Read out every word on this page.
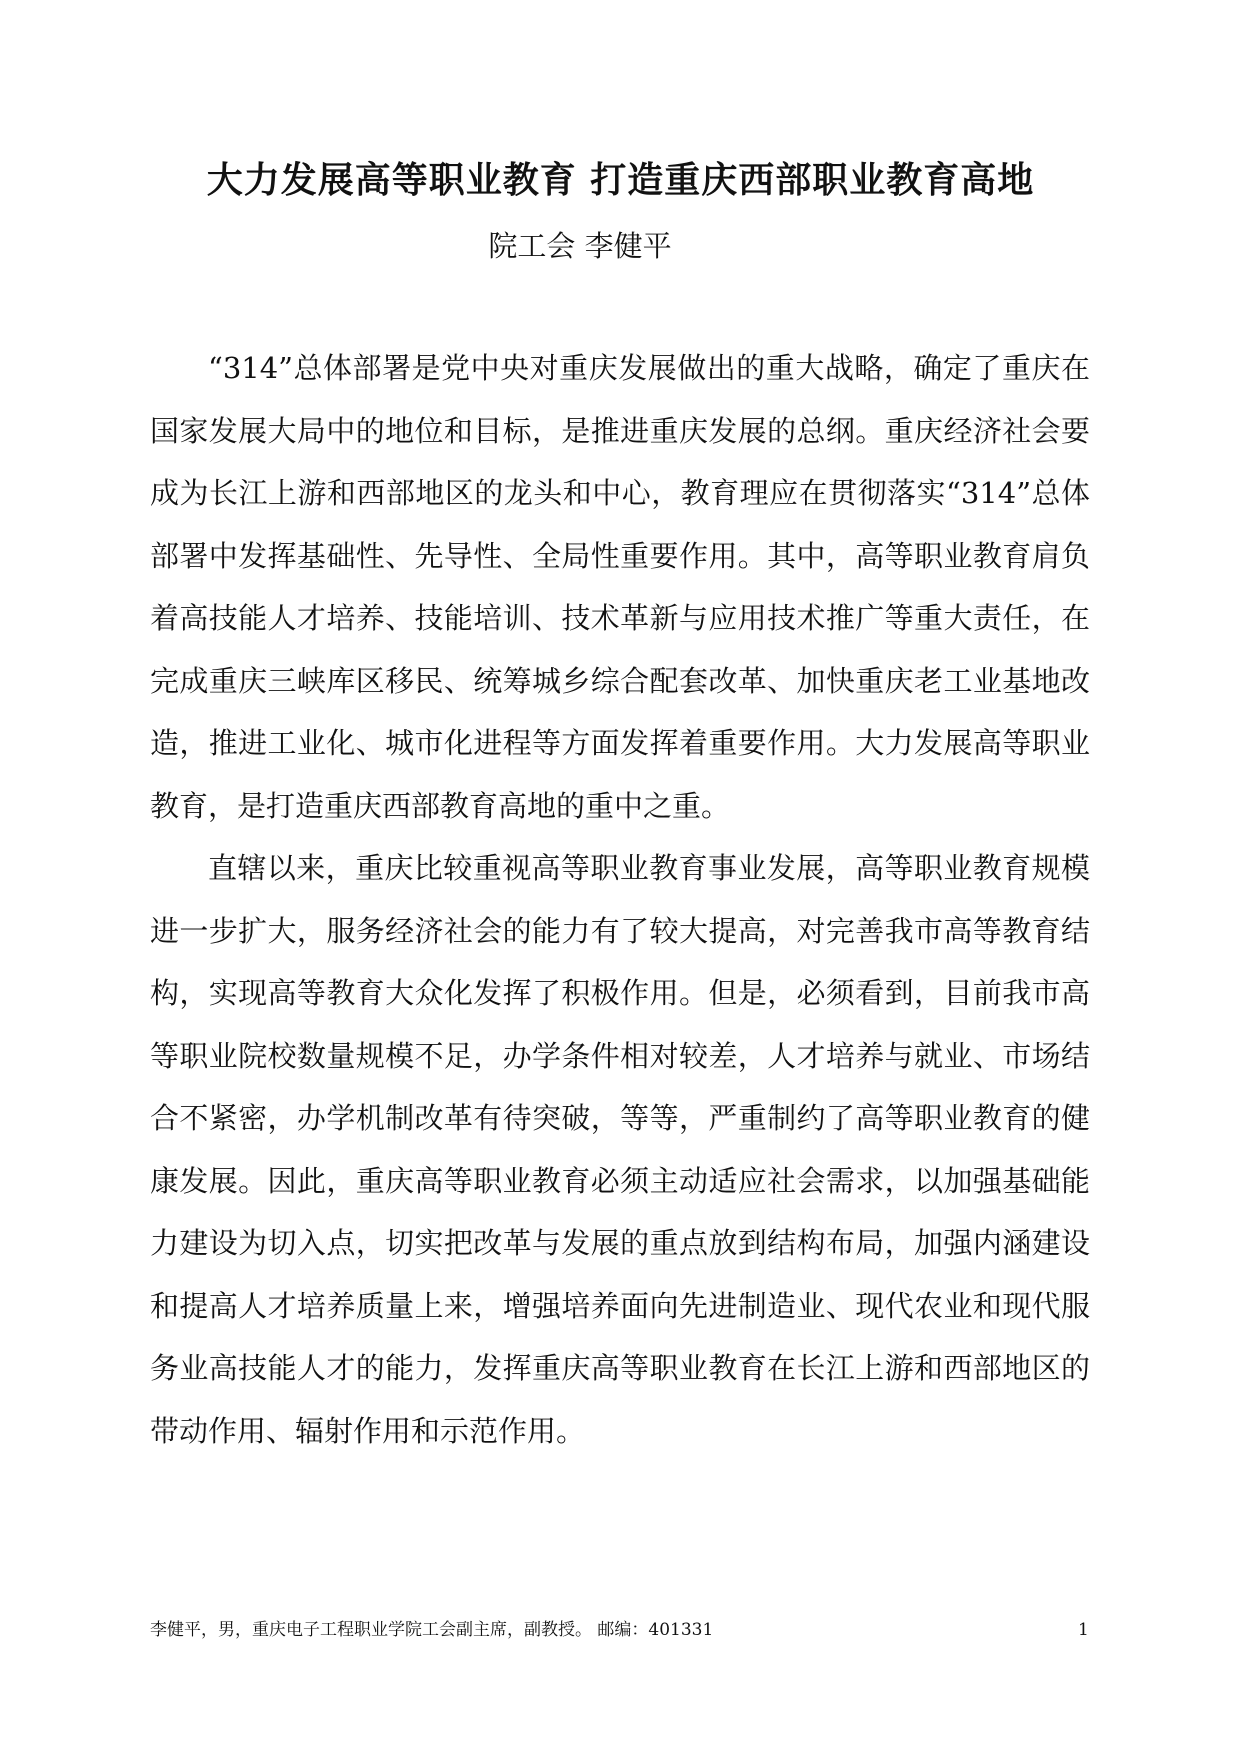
大力发展高等职业教育 打造重庆西部职业教育高地
院工会 李健平

“314”总体部署是党中央对重庆发展做出的重大战略，确定了重庆在国家发展大局中的地位和目标，是推进重庆发展的总纲。重庆经济社会要成为长江上游和西部地区的龙头和中心，教育理应在贯彻落实“314”总体部署中发挥基础性、先导性、全局性重要作用。其中，高等职业教育肩负着高技能人才培养、技能培训、技术革新与应用技术推广等重大责任，在完成重庆三峡库区移民、统筹城乡综合配套改革、加快重庆老工业基地改造，推进工业化、城市化进程等方面发挥着重要作用。大力发展高等职业教育，是打造重庆西部教育高地的重中之重。

直辖以来，重庆比较重视高等职业教育事业发展，高等职业教育规模进一步扩大，服务经济社会的能力有了较大提高，对完善我市高等教育结构，实现高等教育大众化发挥了积极作用。但是，必须看到，目前我市高等职业院校数量规模不足，办学条件相对较差，人才培养与就业、市场结合不紧密，办学机制改革有待突破，等等，严重制约了高等职业教育的健康发展。因此，重庆高等职业教育必须主动适应社会需求，以加强基础能力建设为切入点，切实把改革与发展的重点放到结构布局，加强内涵建设和提高人才培养质量上来，增强培养面向先进制造业、现代农业和现代服务业高技能人才的能力，发挥重庆高等职业教育在长江上游和西部地区的带动作用、辐射作用和示范作用。

李健平，男，重庆电子工程职业学院工会副主席，副教授。 邮编：401331	1
